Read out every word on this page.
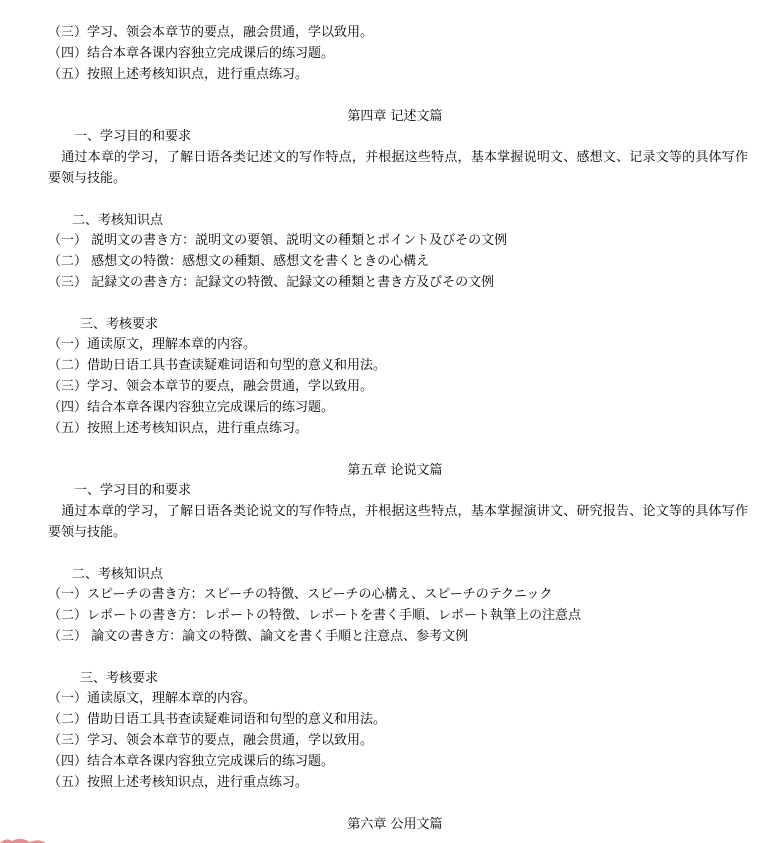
（三）学习、领会本章节的要点，融会贯通，学以致用。
（四）结合本章各课内容独立完成课后的练习题。
（五）按照上述考核知识点，进行重点练习。
第四章 记述文篇
一、学习目的和要求
　通过本章的学习，了解日语各类记述文的写作特点，并根据这些特点，基本掌握说明文、感想文、记录文等的具体写作要领与技能。
二、考核知识点
（一） 説明文の書き方：説明文の要領、説明文の種類とポイント及びその文例
（二） 感想文の特徴：感想文の種類、感想文を書くときの心構え
（三） 記録文の書き方：記録文の特徴、記録文の種類と書き方及びその文例
三、考核要求
（一）通读原文，理解本章的内容。
（二）借助日语工具书查读疑难词语和句型的意义和用法。
（三）学习、领会本章节的要点，融会贯通，学以致用。
（四）结合本章各课内容独立完成课后的练习题。
（五）按照上述考核知识点，进行重点练习。
第五章 论说文篇
一、学习目的和要求
　通过本章的学习，了解日语各类论说文的写作特点，并根据这些特点，基本掌握演讲文、研究报告、论文等的具体写作要领与技能。
二、考核知识点
（一）スピーチの書き方：スピーチの特徴、スピーチの心構え、スピーチのテクニック
（二）レポートの書き方：レポートの特徴、レポートを書く手順、レポート執筆上の注意点
（三） 論文の書き方：論文の特徴、論文を書く手順と注意点、参考文例
三、考核要求
（一）通读原文，理解本章的内容。
（二）借助日语工具书查读疑难词语和句型的意义和用法。
（三）学习、领会本章节的要点，融会贯通，学以致用。
（四）结合本章各课内容独立完成课后的练习题。
（五）按照上述考核知识点，进行重点练习。
第六章 公用文篇
